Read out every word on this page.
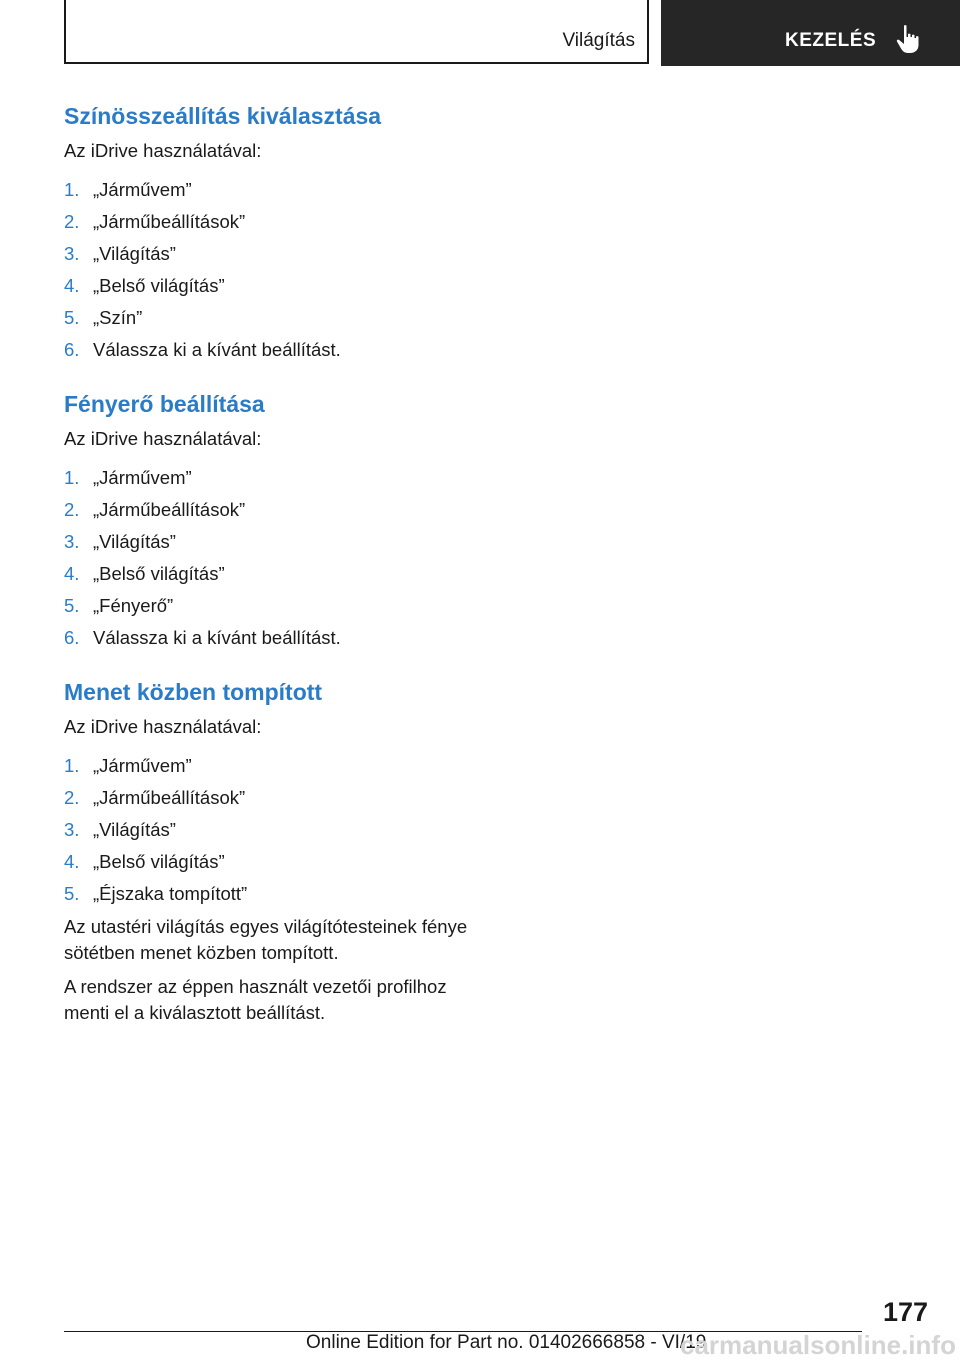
Világítás	KEZELÉS
Színösszeállítás kiválasztása

Az iDrive használatával:

1. „Járművem”
2. „Járműbeállítások”
3. „Világítás”
4. „Belső világítás”
5. „Szín”
6. Válassza ki a kívánt beállítást.
Fényerő beállítása

Az iDrive használatával:

1. „Járművem”
2. „Járműbeállítások”
3. „Világítás”
4. „Belső világítás”
5. „Fényerő”
6. Válassza ki a kívánt beállítást.
Menet közben tompított

Az iDrive használatával:

1. „Járművem”
2. „Járműbeállítások”
3. „Világítás”
4. „Belső világítás”
5. „Éjszaka tompított”

Az utastéri világítás egyes világítótesteinek fénye sötétben menet közben tompított.

A rendszer az éppen használt vezetői profilhoz menti el a kiválasztott beállítást.

177
Online Edition for Part no. 01402666858 - VI/19
carmanualsonline.info
